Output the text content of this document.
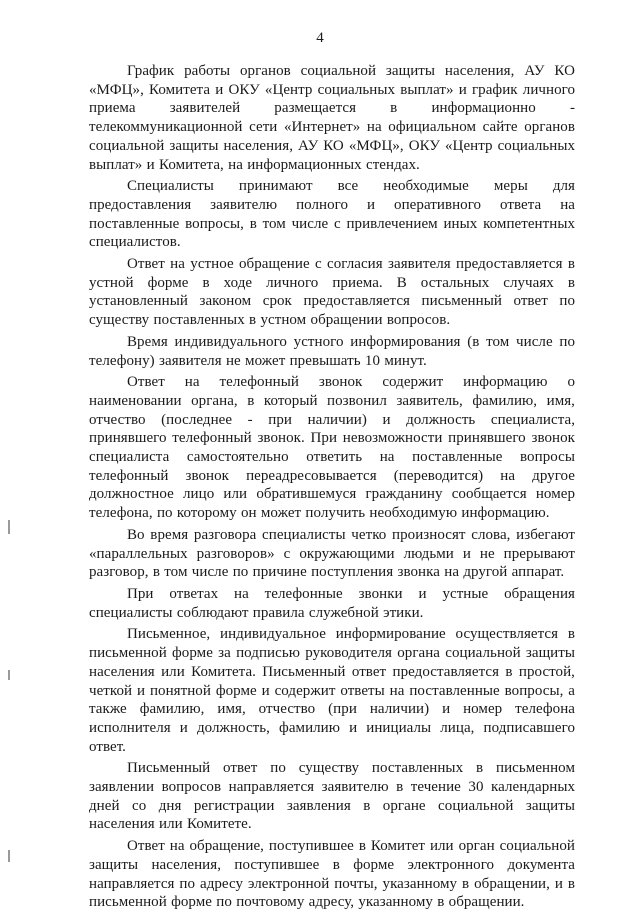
4

График работы органов социальной защиты населения, АУ КО «МФЦ», Комитета и ОКУ «Центр социальных выплат» и график личного приема заявителей размещается в информационно - телекоммуникационной сети «Интернет» на официальном сайте органов социальной защиты населения, АУ КО «МФЦ», ОКУ «Центр социальных выплат» и Комитета, на информационных стендах.

Специалисты принимают все необходимые меры для предоставления заявителю полного и оперативного ответа на поставленные вопросы, в том числе с привлечением иных компетентных специалистов.

Ответ на устное обращение с согласия заявителя предоставляется в устной форме в ходе личного приема. В остальных случаях в установленный законом срок предоставляется письменный ответ по существу поставленных в устном обращении вопросов.

Время индивидуального устного информирования (в том числе по телефону) заявителя не может превышать 10 минут.

Ответ на телефонный звонок содержит информацию о наименовании органа, в который позвонил заявитель, фамилию, имя, отчество (последнее - при наличии) и должность специалиста, принявшего телефонный звонок. При невозможности принявшего звонок специалиста самостоятельно ответить на поставленные вопросы телефонный звонок переадресовывается (переводится) на другое должностное лицо или обратившемуся гражданину сообщается номер телефона, по которому он может получить необходимую информацию.

Во время разговора специалисты четко произносят слова, избегают «параллельных разговоров» с окружающими людьми и не прерывают разговор, в том числе по причине поступления звонка на другой аппарат.

При ответах на телефонные звонки и устные обращения специалисты соблюдают правила служебной этики.

Письменное, индивидуальное информирование осуществляется в письменной форме за подписью руководителя органа социальной защиты населения или Комитета. Письменный ответ предоставляется в простой, четкой и понятной форме и содержит ответы на поставленные вопросы, а также фамилию, имя, отчество (при наличии) и номер телефона исполнителя и должность, фамилию и инициалы лица, подписавшего ответ.

Письменный ответ по существу поставленных в письменном заявлении вопросов направляется заявителю в течение 30 календарных дней со дня регистрации заявления в органе социальной защиты населения или Комитете.

Ответ на обращение, поступившее в Комитет или орган социальной защиты населения, поступившее в форме электронного документа направляется по адресу электронной почты, указанному в обращении, и в письменной форме по почтовому адресу, указанному в обращении.
